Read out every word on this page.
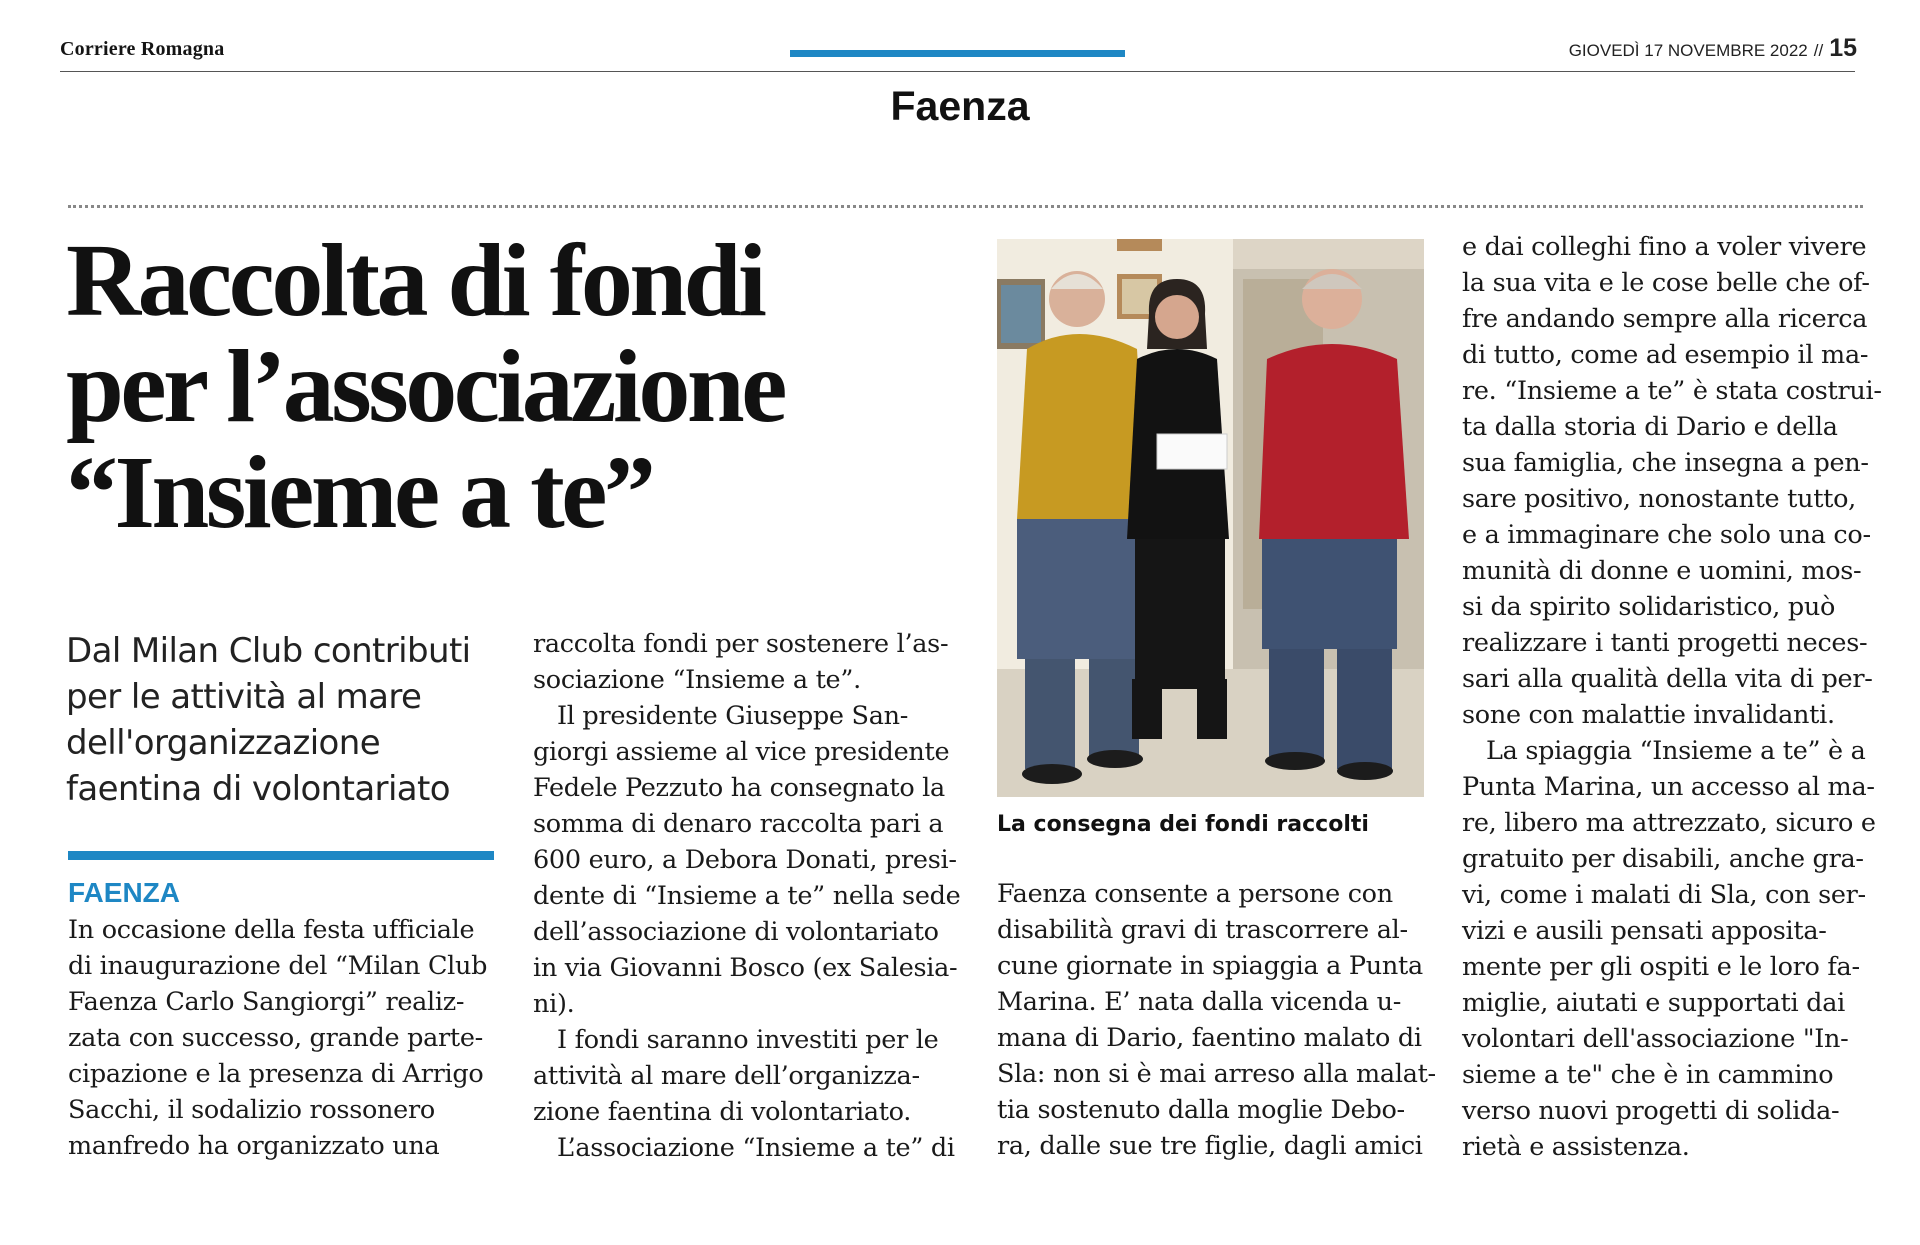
Corriere Romagna	GIOVEDÌ 17 NOVEMBRE 2022 // 15
Faenza
Raccolta di fondi
per l’associazione
“Insieme a te”
Dal Milan Club contributi
per le attività al mare
dell'organizzazione
faentina di volontariato
FAENZA
In occasione della festa ufficiale
di inaugurazione del “Milan Club
Faenza Carlo Sangiorgi” realiz-
zata con successo, grande parte-
cipazione e la presenza di Arrigo
Sacchi, il sodalizio rossonero
manfredo ha organizzato una
raccolta fondi per sostenere l’as-
sociazione “Insieme a te”.
Il presidente Giuseppe San-
giorgi assieme al vice presidente
Fedele Pezzuto ha consegnato la
somma di denaro raccolta pari a
600 euro, a Debora Donati, presi-
dente di “Insieme a te” nella sede
dell’associazione di volontariato
in via Giovanni Bosco (ex Salesia-
ni).
I fondi saranno investiti per le
attività al mare dell’organizza-
zione faentina di volontariato.
L’associazione “Insieme a te” di
La consegna dei fondi raccolti
Faenza consente a persone con
disabilità gravi di trascorrere al-
cune giornate in spiaggia a Punta
Marina. E’ nata dalla vicenda u-
mana di Dario, faentino malato di
Sla: non si è mai arreso alla malat-
tia sostenuto dalla moglie Debo-
ra, dalle sue tre figlie, dagli amici
e dai colleghi fino a voler vivere
la sua vita e le cose belle che of-
fre andando sempre alla ricerca
di tutto, come ad esempio il ma-
re. “Insieme a te” è stata costrui-
ta dalla storia di Dario e della
sua famiglia, che insegna a pen-
sare positivo, nonostante tutto,
e a immaginare che solo una co-
munità di donne e uomini, mos-
si da spirito solidaristico, può
realizzare i tanti progetti neces-
sari alla qualità della vita di per-
sone con malattie invalidanti.
La spiaggia “Insieme a te” è a
Punta Marina, un accesso al ma-
re, libero ma attrezzato, sicuro e
gratuito per disabili, anche gra-
vi, come i malati di Sla, con ser-
vizi e ausili pensati apposita-
mente per gli ospiti e le loro fa-
miglie, aiutati e supportati dai
volontari dell'associazione "In-
sieme a te" che è in cammino
verso nuovi progetti di solida-
rietà e assistenza.
